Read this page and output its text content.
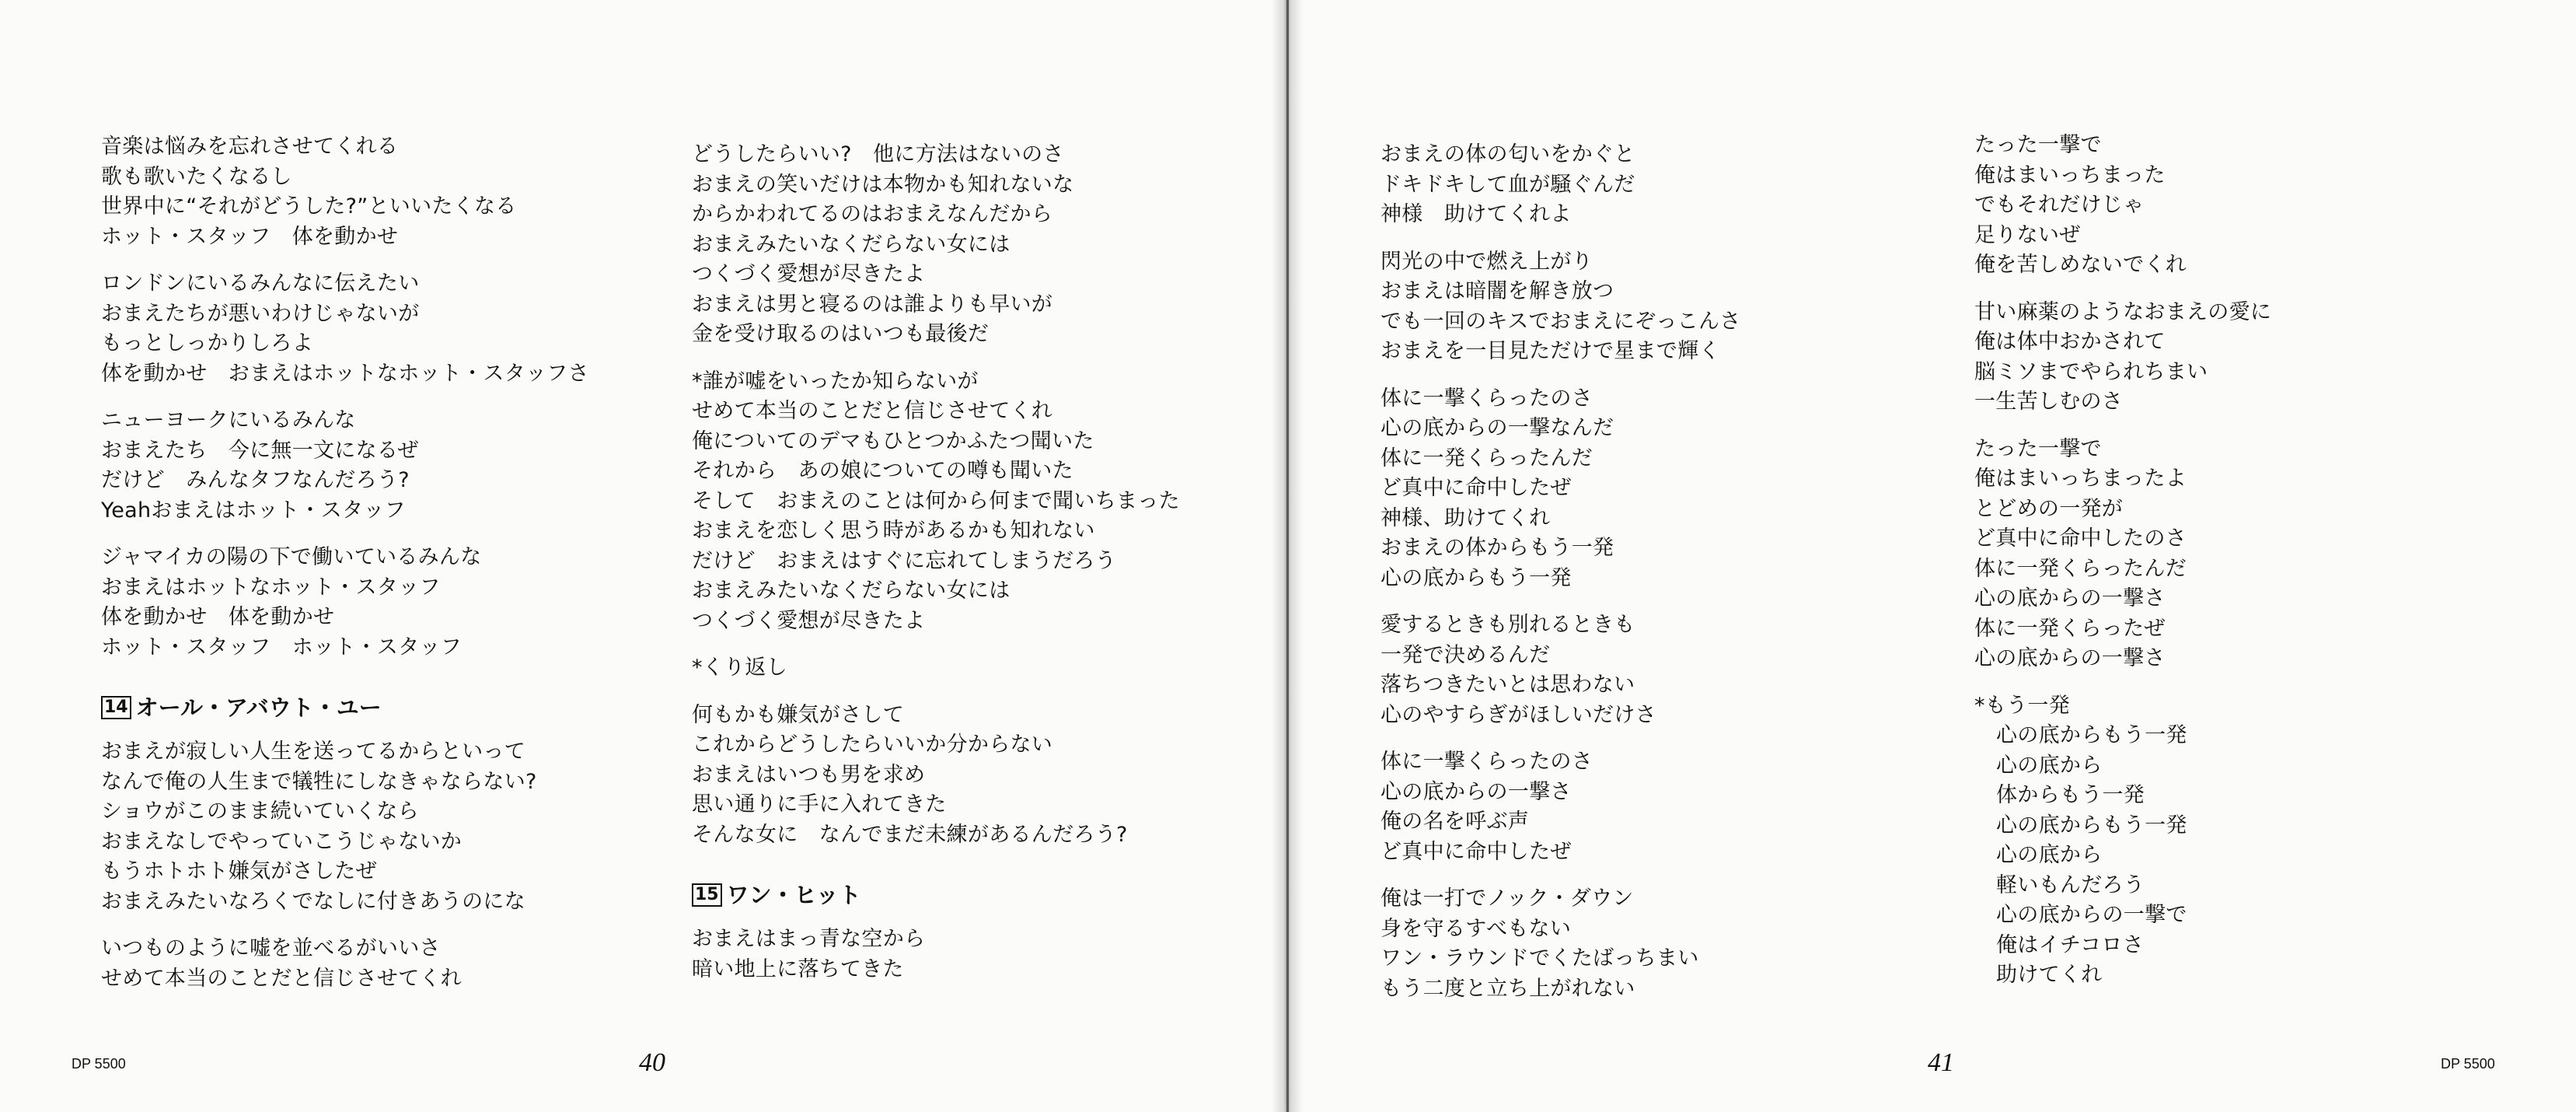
音楽は悩みを忘れさせてくれる
歌も歌いたくなるし
世界中に“それがどうした?”といいたくなる
ホット・スタッフ　体を動かせ
ロンドンにいるみんなに伝えたい
おまえたちが悪いわけじゃないが
もっとしっかりしろよ
体を動かせ　おまえはホットなホット・スタッフさ
ニューヨークにいるみんな
おまえたち　今に無一文になるぜ
だけど　みんなタフなんだろう?
Yeahおまえはホット・スタッフ
ジャマイカの陽の下で働いているみんな
おまえはホットなホット・スタッフ
体を動かせ　体を動かせ
ホット・スタッフ　ホット・スタッフ
14 オール・アバウト・ユー
おまえが寂しい人生を送ってるからといって
なんで俺の人生まで犠牲にしなきゃならない?
ショウがこのまま続いていくなら
おまえなしでやっていこうじゃないか
もうホトホト嫌気がさしたぜ
おまえみたいなろくでなしに付きあうのにな
いつものように嘘を並べるがいいさ
せめて本当のことだと信じさせてくれ
どうしたらいい?　他に方法はないのさ
おまえの笑いだけは本物かも知れないな
からかわれてるのはおまえなんだから
おまえみたいなくだらない女には
つくづく愛想が尽きたよ
おまえは男と寝るのは誰よりも早いが
金を受け取るのはいつも最後だ
*誰が嘘をいったか知らないが
せめて本当のことだと信じさせてくれ
俺についてのデマもひとつかふたつ聞いた
それから　あの娘についての噂も聞いた
そして　おまえのことは何から何まで聞いちまった
おまえを恋しく思う時があるかも知れない
だけど　おまえはすぐに忘れてしまうだろう
おまえみたいなくだらない女には
つくづく愛想が尽きたよ
*くり返し
何もかも嫌気がさして
これからどうしたらいいか分からない
おまえはいつも男を求め
思い通りに手に入れてきた
そんな女に　なんでまだ未練があるんだろう?
15 ワン・ヒット
おまえはまっ青な空から
暗い地上に落ちてきた
DP 5500	40
おまえの体の匂いをかぐと
ドキドキして血が騒ぐんだ
神様　助けてくれよ
閃光の中で燃え上がり
おまえは暗闇を解き放つ
でも一回のキスでおまえにぞっこんさ
おまえを一目見ただけで星まで輝く
体に一撃くらったのさ
心の底からの一撃なんだ
体に一発くらったんだ
ど真中に命中したぜ
神様、助けてくれ
おまえの体からもう一発
心の底からもう一発
愛するときも別れるときも
一発で決めるんだ
落ちつきたいとは思わない
心のやすらぎがほしいだけさ
体に一撃くらったのさ
心の底からの一撃さ
俺の名を呼ぶ声
ど真中に命中したぜ
俺は一打でノック・ダウン
身を守るすべもない
ワン・ラウンドでくたばっちまい
もう二度と立ち上がれない
たった一撃で
俺はまいっちまった
でもそれだけじゃ
足りないぜ
俺を苦しめないでくれ
甘い麻薬のようなおまえの愛に
俺は体中おかされて
脳ミソまでやられちまい
一生苦しむのさ
たった一撃で
俺はまいっちまったよ
とどめの一発が
ど真中に命中したのさ
体に一発くらったんだ
心の底からの一撃さ
体に一発くらったぜ
心の底からの一撃さ
*もう一発
心の底からもう一発
心の底から
体からもう一発
心の底からもう一発
心の底から
軽いもんだろう
心の底からの一撃で
俺はイチコロさ
助けてくれ
DP 5500
41
